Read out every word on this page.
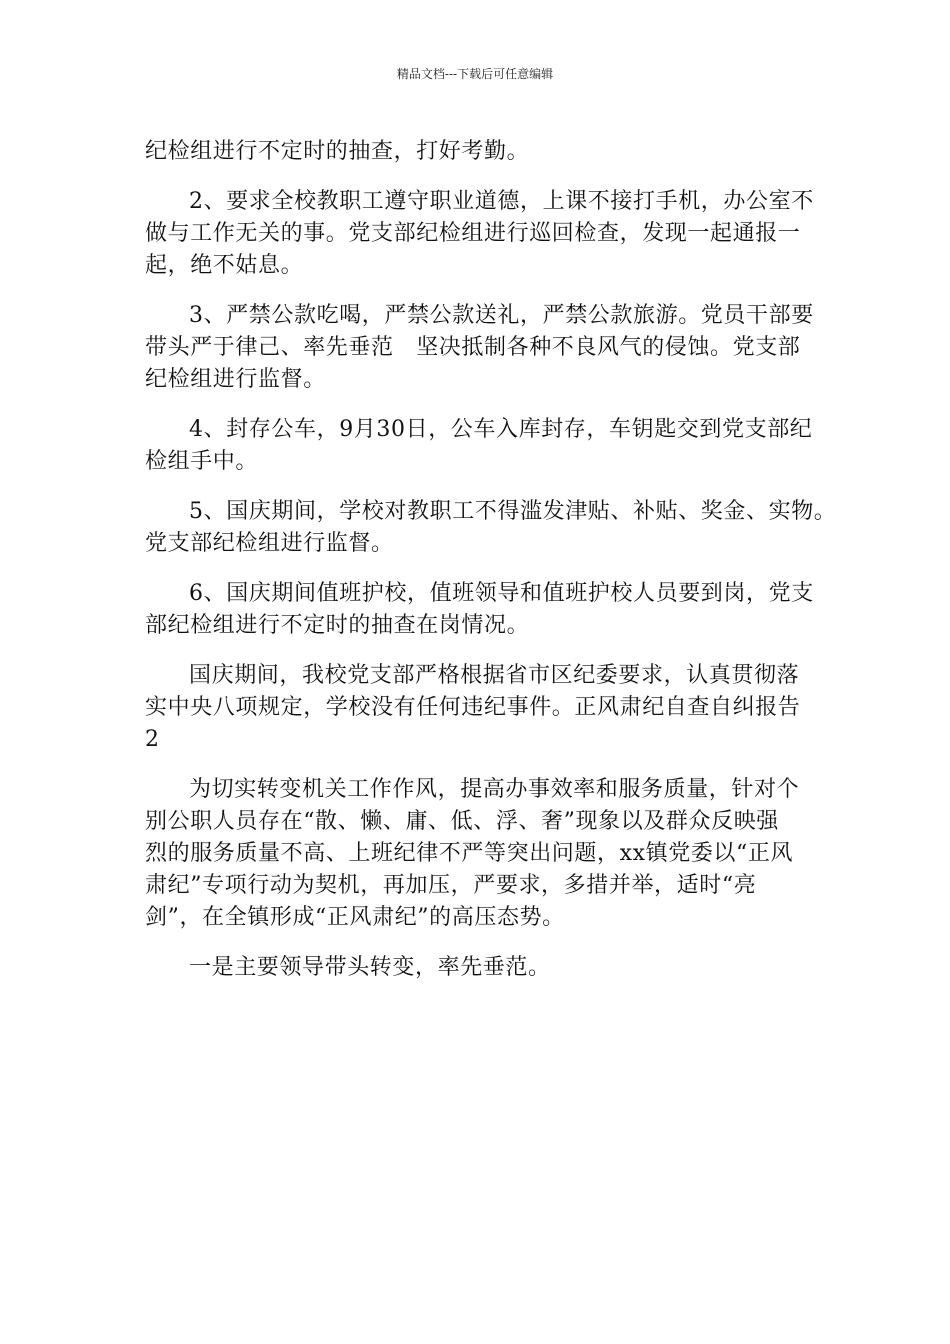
精品文档---下载后可任意编辑
纪检组进行不定时的抽查，打好考勤。
2、要求全校教职工遵守职业道德，上课不接打手机，办公室不
做与工作无关的事。党支部纪检组进行巡回检查，发现一起通报一
起，绝不姑息。
3、严禁公款吃喝，严禁公款送礼，严禁公款旅游。党员干部要
带头严于律己、率先垂范　坚决抵制各种不良风气的侵蚀。党支部
纪检组进行监督。
4、封存公车，9月30日，公车入库封存，车钥匙交到党支部纪
检组手中。
5、国庆期间，学校对教职工不得滥发津贴、补贴、奖金、实物。
党支部纪检组进行监督。
6、国庆期间值班护校，值班领导和值班护校人员要到岗，党支
部纪检组进行不定时的抽查在岗情况。
国庆期间，我校党支部严格根据省市区纪委要求，认真贯彻落
实中央八项规定，学校没有任何违纪事件。正风肃纪自查自纠报告
2
为切实转变机关工作作风，提高办事效率和服务质量，针对个
别公职人员存在“散、懒、庸、低、浮、奢”现象以及群众反映强
烈的服务质量不高、上班纪律不严等突出问题，xx镇党委以“正风
肃纪”专项行动为契机，再加压，严要求，多措并举，适时“亮
剑”，在全镇形成“正风肃纪”的高压态势。
一是主要领导带头转变，率先垂范。
